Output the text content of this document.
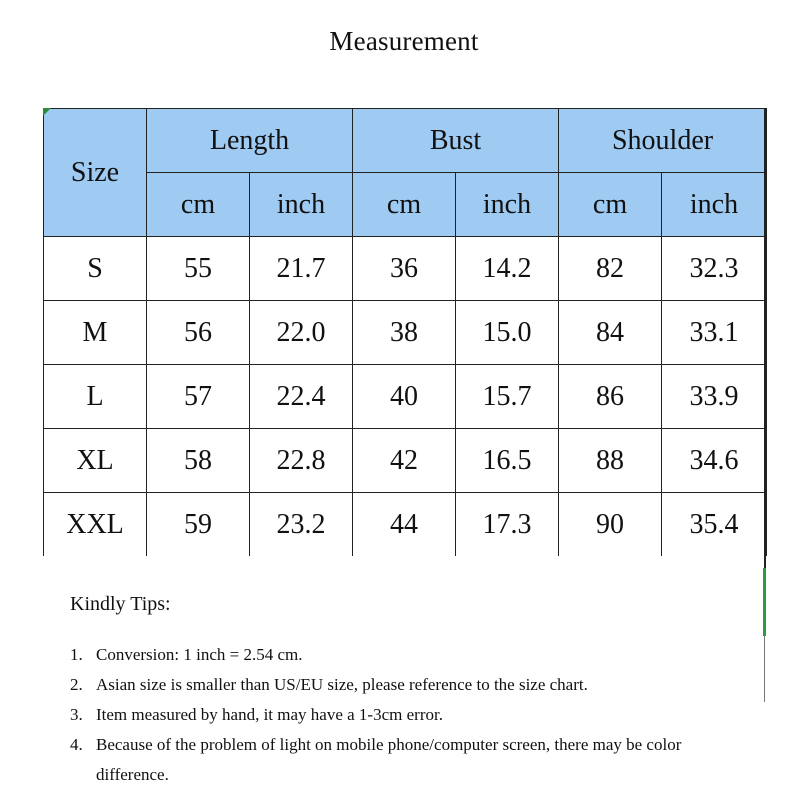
Measurement
Size	Length		Bust		Shoulder	
	cm	inch	cm	inch	cm	inch
S	55	21.7	36	14.2	82	32.3
M	56	22.0	38	15.0	84	33.1
L	57	22.4	40	15.7	86	33.9
XL	58	22.8	42	16.5	88	34.6
XXL	59	23.2	44	17.3	90	35.4
Kindly Tips:
1. Conversion: 1 inch = 2.54 cm.
2. Asian size is smaller than US/EU size, please reference to the size chart.
3. Item measured by hand, it may have a 1-3cm error.
4. Because of the problem of light on mobile phone/computer screen, there may be color difference.
